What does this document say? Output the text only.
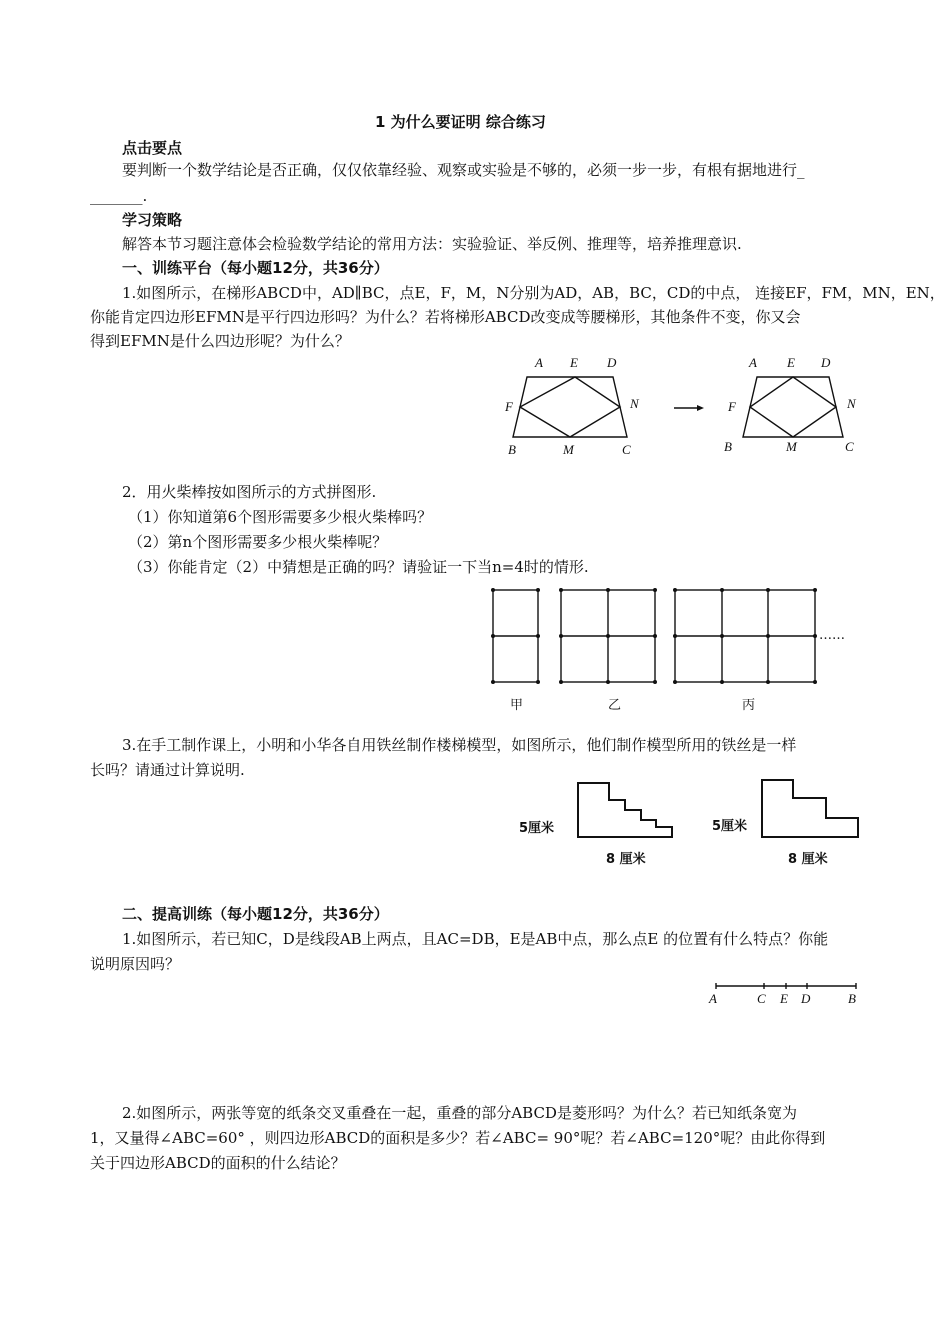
1 为什么要证明 综合练习
点击要点
要判断一个数学结论是否正确，仅仅依靠经验、观察或实验是不够的，必须一步一步，有根有据地进行_
_______.
学习策略
解答本节习题注意体会检验数学结论的常用方法：实验验证、举反例、推理等，培养推理意识.
一、训练平台（每小题12分，共36分）
1.如图所示，在梯形ABCD中，AD∥BC，点E，F，M，N分别为AD，AB，BC，CD的中点， 连接EF，FM，MN，EN，
你能肯定四边形EFMN是平行四边形吗？为什么？若将梯形ABCD改变成等腰梯形，其他条件不变，你又会
得到EFMN是什么四边形呢？为什么？
A E D
F	N
B	M	C
A E D
F	N
B	M	C
2．用火柴棒按如图所示的方式拼图形.
（1）你知道第6个图形需要多少根火柴棒吗？
（2）第n个图形需要多少根火柴棒呢？
（3）你能肯定（2）中猜想是正确的吗？请验证一下当n=4时的情形.
……
甲	乙	丙
3.在手工制作课上，小明和小华各自用铁丝制作楼梯模型，如图所示，他们制作模型所用的铁丝是一样
长吗？请通过计算说明.
5厘米
8 厘米
5厘米
8 厘米
二、提高训练（每小题12分，共36分）
1.如图所示，若已知C，D是线段AB上两点，且AC=DB，E是AB中点，那么点E 的位置有什么特点？你能
说明原因吗？
A	C E D	B
2.如图所示，两张等宽的纸条交叉重叠在一起，重叠的部分ABCD是菱形吗？为什么？若已知纸条宽为
1，又量得∠ABC=60° ，则四边形ABCD的面积是多少？若∠ABC= 90°呢？若∠ABC=120°呢？由此你得到
关于四边形ABCD的面积的什么结论？
